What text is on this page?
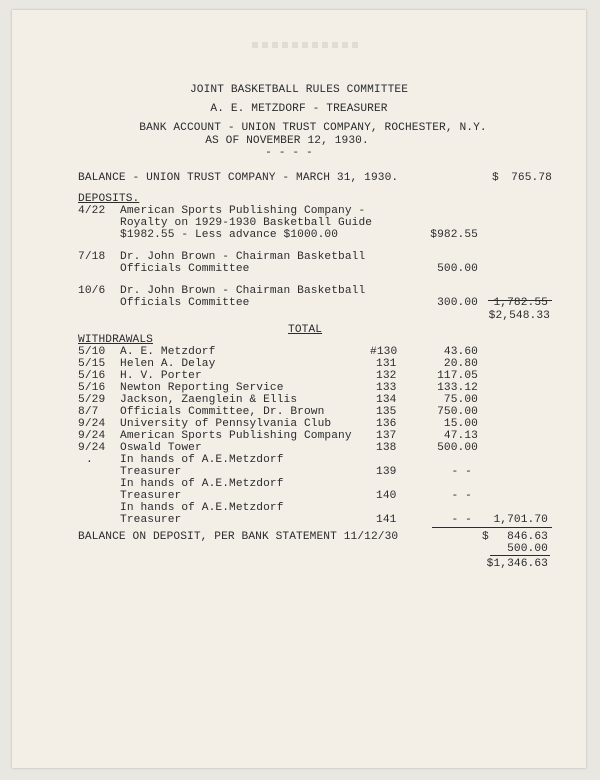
JOINT BASKETBALL RULES COMMITTEE
A. E. METZDORF - TREASURER
BANK ACCOUNT - UNION TRUST COMPANY, ROCHESTER, N.Y.
AS OF NOVEMBER 12, 1930.
- - - -
BALANCE - UNION TRUST COMPANY - MARCH 31, 1930.	$	765.78
DEPOSITS.
4/22 American Sports Publishing Company -
Royalty on 1929-1930 Basketball Guide
$1982.55 - Less advance $1000.00	$982.55
7/18 Dr. John Brown - Chairman Basketball
Officials Committee	500.00
10/6 Dr. John Brown - Chairman Basketball
Officials Committee	300.00	1,782.55
$2,548.33
TOTAL
WITHDRAWALS
5/10 A. E. Metzdorf	#130	43.60
5/15 Helen A. Delay	131	20.80
5/16 H. V. Porter	132	117.05
5/16 Newton Reporting Service	133	133.12
5/29 Jackson, Zaenglein & Ellis	134	75.00
8/7 Officials Committee, Dr. Brown	135	750.00
9/24 University of Pennsylvania Club	136	15.00
9/24 American Sports Publishing Company 137	47.13
9/24 Oswald Tower	138	500.00
. In hands of A.E.Metzdorf
Treasurer	139	- -
In hands of A.E.Metzdorf
Treasurer	140	- -
In hands of A.E.Metzdorf
Treasurer	141	- -	1,701.70
BALANCE ON DEPOSIT, PER BANK STATEMENT 11/12/30	$	846.63
500.00
$1,346.63
